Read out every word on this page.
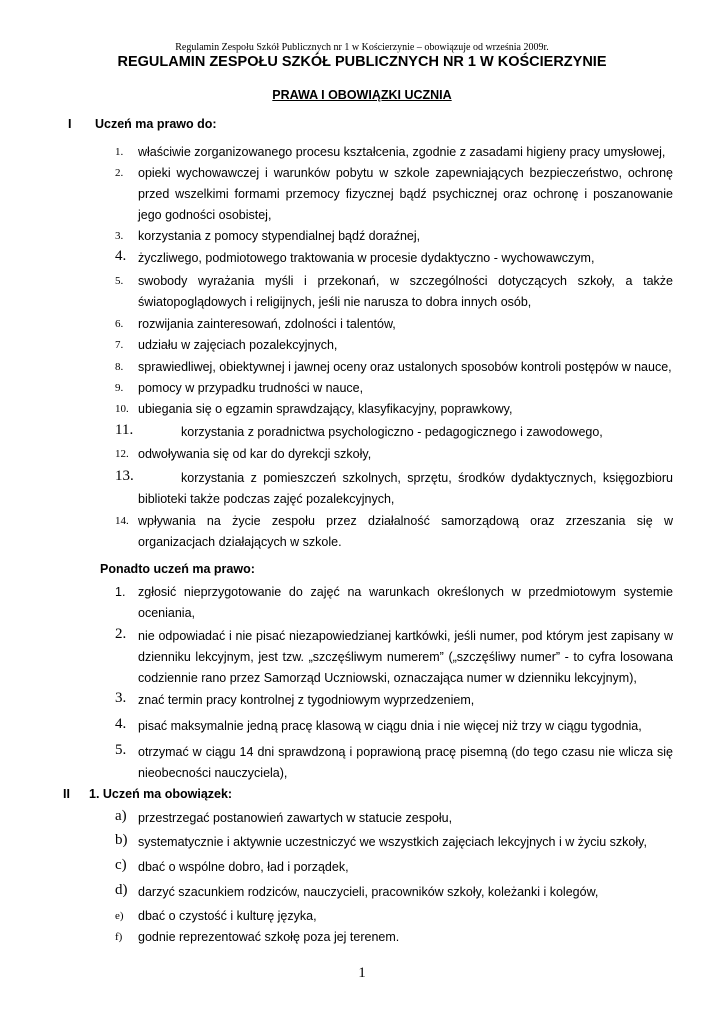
Regulamin Zespołu Szkół Publicznych nr 1 w Kościerzynie – obowiązuje od września 2009r.
REGULAMIN ZESPOŁU SZKÓŁ PUBLICZNYCH NR 1 W KOŚCIERZYNIE
PRAWA I OBOWIĄZKI UCZNIA
I Uczeń ma prawo do:
1. właściwie zorganizowanego procesu kształcenia, zgodnie z zasadami higieny pracy umysłowej,
2. opieki wychowawczej i warunków pobytu w szkole zapewniających bezpieczeństwo, ochronę przed wszelkimi formami przemocy fizycznej bądź psychicznej oraz ochronę i poszanowanie jego godności osobistej,
3. korzystania z pomocy stypendialnej bądź doraźnej,
4. życzliwego, podmiotowego traktowania w procesie dydaktyczno - wychowawczym,
5. swobody wyrażania myśli i przekonań, w szczególności dotyczących szkoły, a także światopoglądowych i religijnych, jeśli nie narusza to dobra innych osób,
6. rozwijania zainteresowań, zdolności i talentów,
7. udziału w zajęciach pozalekcyjnych,
8. sprawiedliwej, obiektywnej i jawnej oceny oraz ustalonych sposobów kontroli postępów w nauce,
9. pomocy w przypadku trudności w nauce,
10. ubiegania się o egzamin sprawdzający, klasyfikacyjny, poprawkowy,
11.	korzystania z poradnictwa psychologiczno - pedagogicznego i zawodowego,
12. odwoływania się od kar do dyrekcji szkoły,
13.	korzystania z pomieszczeń szkolnych, sprzętu, środków dydaktycznych, księgozbioru biblioteki także podczas zajęć pozalekcyjnych,
14. wpływania na życie zespołu przez działalność samorządową oraz zrzeszania się w organizacjach działających w szkole.
Ponadto uczeń ma prawo:
1. zgłosić nieprzygotowanie do zajęć na warunkach określonych w przedmiotowym systemie oceniania,
2. nie odpowiadać i nie pisać niezapowiedzianej kartkówki, jeśli numer, pod którym jest zapisany w dzienniku lekcyjnym, jest tzw. „szczęśliwym numerem” („szczęśliwy numer” - to cyfra losowana codziennie rano przez Samorząd Uczniowski, oznaczająca numer w dzienniku lekcyjnym),
3. znać termin pracy kontrolnej z tygodniowym wyprzedzeniem,
4. pisać maksymalnie jedną pracę klasową w ciągu dnia i nie więcej niż trzy w ciągu tygodnia,
5. otrzymać w ciągu 14 dni sprawdzoną i poprawioną pracę pisemną (do tego czasu nie wlicza się nieobecności nauczyciela),
II 1. Uczeń ma obowiązek:
a) przestrzegać postanowień zawartych w statucie zespołu,
b) systematycznie i aktywnie uczestniczyć we wszystkich zajęciach lekcyjnych i w życiu szkoły,
c) dbać o wspólne dobro, ład i porządek,
d) darzyć szacunkiem rodziców, nauczycieli, pracowników szkoły, koleżanki i kolegów,
e) dbać o czystość i kulturę języka,
f) godnie reprezentować szkołę poza jej terenem.
1
